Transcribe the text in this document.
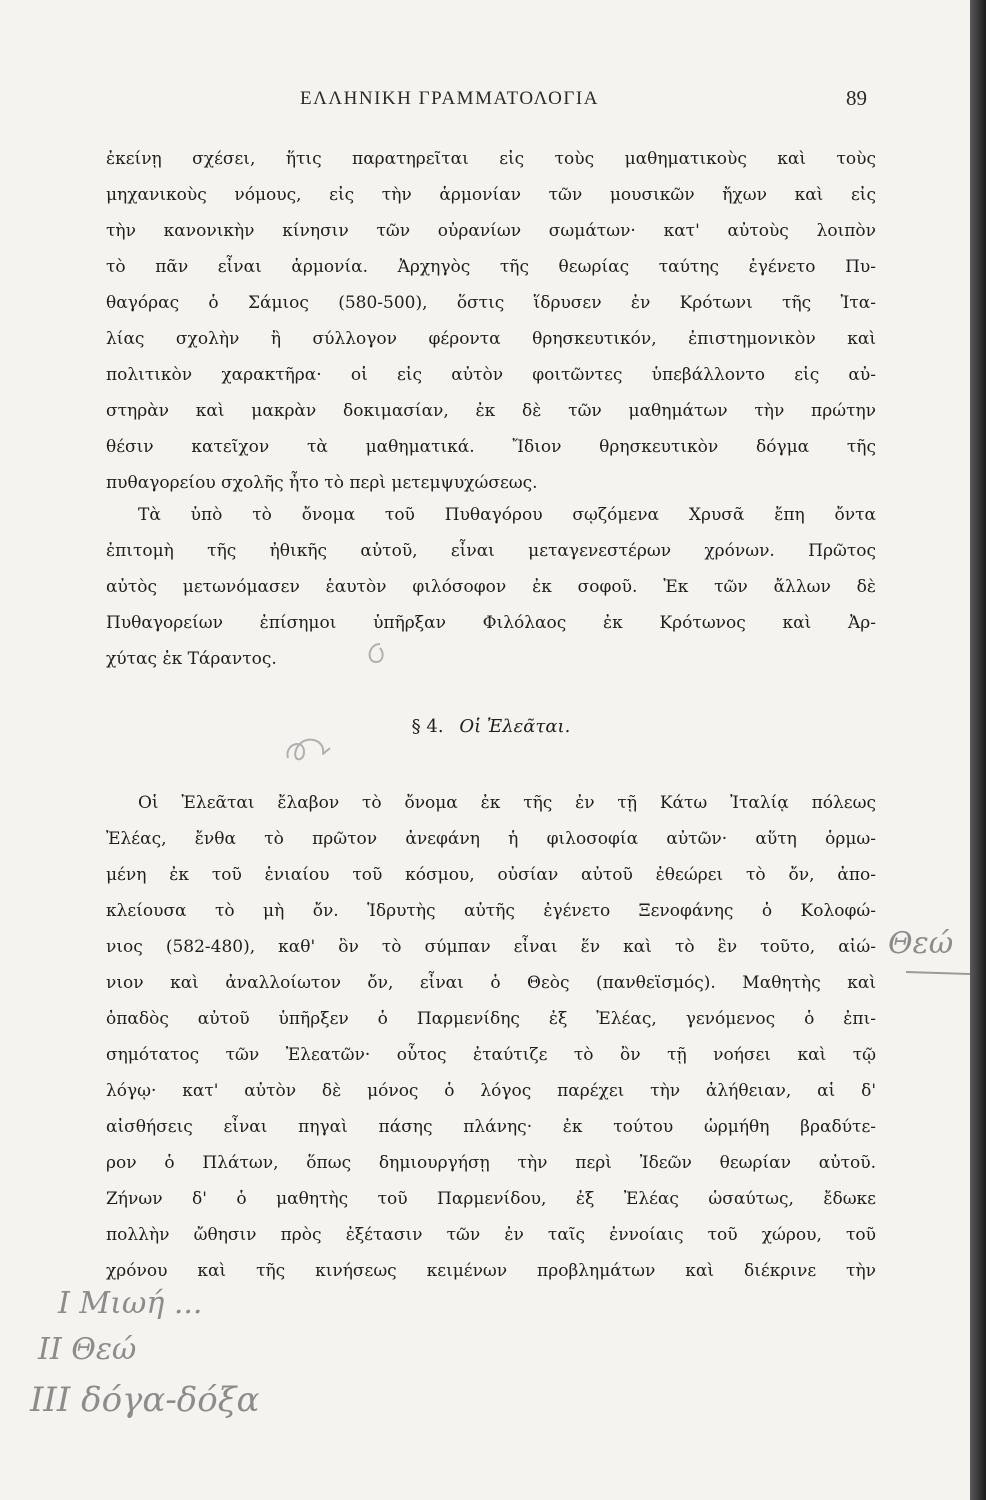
ΕΛΛΗΝΙΚΗ ΓΡΑΜΜΑΤΟΛΟΓΙΑ	89
ἐκείνῃ σχέσει, ἥτις παρατηρεῖται εἰς τοὺς μαθηματικοὺς καὶ τοὺς
μηχανικοὺς νόμους, εἰς τὴν ἁρμονίαν τῶν μουσικῶν ἤχων καὶ εἰς
τὴν κανονικὴν κίνησιν τῶν οὐρανίων σωμάτων· κατ' αὐτοὺς λοιπὸν
τὸ πᾶν εἶναι ἁρμονία. Ἀρχηγὸς τῆς θεωρίας ταύτης ἐγένετο Πυ-
θαγόρας ὁ Σάμιος (580-500), ὅστις ἵδρυσεν ἐν Κρότωνι τῆς Ἰτα-
λίας σχολὴν ἢ σύλλογον φέροντα θρησκευτικόν, ἐπιστημονικὸν καὶ
πολιτικὸν χαρακτῆρα· οἱ εἰς αὐτὸν φοιτῶντες ὑπεβάλλοντο εἰς αὐ-
στηρὰν καὶ μακρὰν δοκιμασίαν, ἐκ δὲ τῶν μαθημάτων τὴν πρώτην
θέσιν κατεῖχον τὰ μαθηματικά. Ἴδιον θρησκευτικὸν δόγμα τῆς
πυθαγορείου σχολῆς ἦτο τὸ περὶ μετεμψυχώσεως.
Τὰ ὑπὸ τὸ ὄνομα τοῦ Πυθαγόρου σῳζόμενα Χρυσᾶ ἔπη ὄντα
ἐπιτομὴ τῆς ἠθικῆς αὐτοῦ, εἶναι μεταγενεστέρων χρόνων. Πρῶτος
αὐτὸς μετωνόμασεν ἑαυτὸν φιλόσοφον ἐκ σοφοῦ. Ἐκ τῶν ἄλλων δὲ
Πυθαγορείων ἐπίσημοι ὑπῆρξαν Φιλόλαος ἐκ Κρότωνος καὶ Ἀρ-
χύτας ἐκ Τάραντος.
§ 4. Οἱ Ἐλεᾶται.
Οἱ Ἐλεᾶται ἔλαβον τὸ ὄνομα ἐκ τῆς ἐν τῇ Κάτω Ἰταλίᾳ πόλεως
Ἐλέας, ἔνθα τὸ πρῶτον ἀνεφάνη ἡ φιλοσοφία αὐτῶν· αὕτη ὁρμω-
μένη ἐκ τοῦ ἑνιαίου τοῦ κόσμου, οὐσίαν αὐτοῦ ἐθεώρει τὸ ὄν, ἀπο-
κλείουσα τὸ μὴ ὄν. Ἱδρυτὴς αὐτῆς ἐγένετο Ξενοφάνης ὁ Κολοφώ-
νιος (582-480), καθ' ὃν τὸ σύμπαν εἶναι ἕν καὶ τὸ ἓν τοῦτο, αἰώ-
νιον καὶ ἀναλλοίωτον ὄν, εἶναι ὁ Θεὸς (πανθεϊσμός). Μαθητὴς καὶ
ὀπαδὸς αὐτοῦ ὑπῆρξεν ὁ Παρμενίδης ἐξ Ἐλέας, γενόμενος ὁ ἐπι-
σημότατος τῶν Ἐλεατῶν· οὗτος ἐταύτιζε τὸ ὂν τῇ νοήσει καὶ τῷ
λόγῳ· κατ' αὐτὸν δὲ μόνος ὁ λόγος παρέχει τὴν ἀλήθειαν, αἱ δ'
αἰσθήσεις εἶναι πηγαὶ πάσης πλάνης· ἐκ τούτου ὡρμήθη βραδύτε-
ρον ὁ Πλάτων, ὅπως δημιουργήσῃ τὴν περὶ Ἰδεῶν θεωρίαν αὐτοῦ.
Ζήνων δ' ὁ μαθητὴς τοῦ Παρμενίδου, ἐξ Ἐλέας ὡσαύτως, ἔδωκε
πολλὴν ὤθησιν πρὸς ἐξέτασιν τῶν ἐν ταῖς ἐννοίαις τοῦ χώρου, τοῦ
χρόνου καὶ τῆς κινήσεως κειμένων προβλημάτων καὶ διέκρινε τὴν
Θεώ
I Μιωή ...
II Θεώ
III δόγα-δόξα
